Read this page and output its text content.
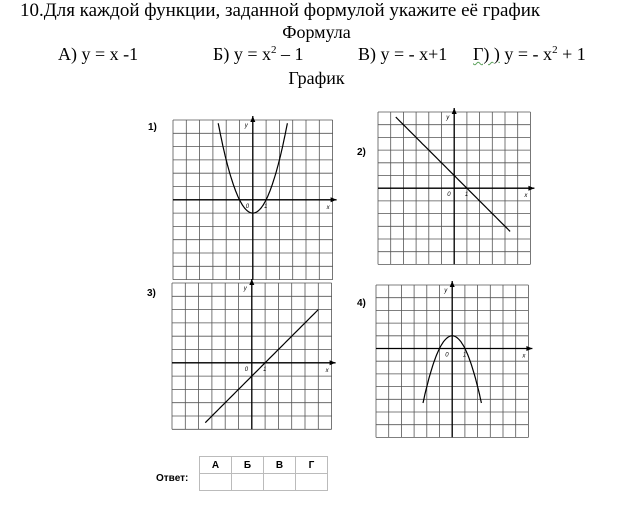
10.Для каждой функции, заданной формулой укажите её график
Формула
А) у = х -1	Б) $у = х^2 - 1$	В) у = - х+1 Г) ) у = - $х^2 + 1$
График
1)
x
y
0 1
2)
x
y
0 1
3)
x
y
0 1
4)
x
y
0 1
Ответ:
А	Б	В	Г
